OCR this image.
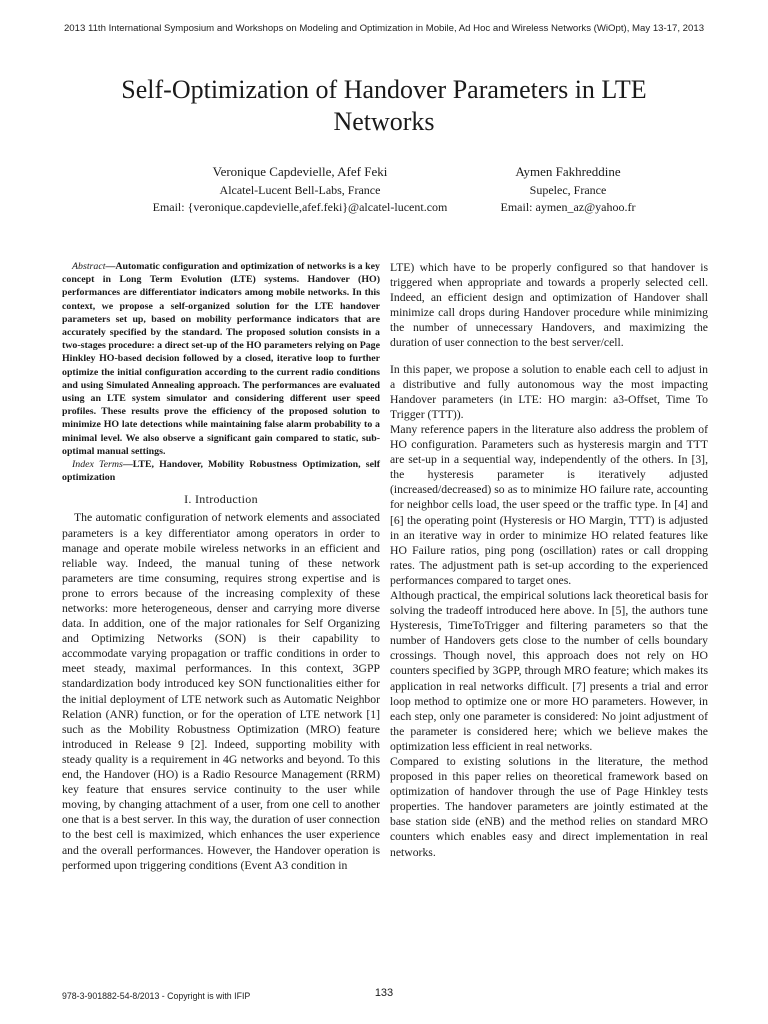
2013 11th International Symposium and Workshops on Modeling and Optimization in Mobile, Ad Hoc and Wireless Networks (WiOpt), May 13-17, 2013
Self-Optimization of Handover Parameters in LTE
Networks
Veronique Capdevielle, Afef Feki
Alcatel-Lucent Bell-Labs, France
Email: {veronique.capdevielle,afef.feki}@alcatel-lucent.com
Aymen Fakhreddine
Supelec, France
Email: aymen_az@yahoo.fr

Abstract—Automatic configuration and optimization of networks is a key concept in Long Term Evolution (LTE) systems. Handover (HO) performances are differentiator indicators among mobile networks. In this context, we propose a self-organized solution for the LTE handover parameters set up, based on mobility performance indicators that are accurately specified by the standard. The proposed solution consists in a two-stages procedure: a direct set-up of the HO parameters relying on Page Hinkley HO-based decision followed by a closed, iterative loop to further optimize the initial configuration according to the current radio conditions and using Simulated Annealing approach. The performances are evaluated using an LTE system simulator and considering different user speed profiles. These results prove the efficiency of the proposed solution to minimize HO late detections while maintaining false alarm probability to a minimal level. We also observe a significant gain compared to static, sub-optimal manual settings.

Index Terms—LTE, Handover, Mobility Robustness Optimization, self optimization

I. Introduction

The automatic configuration of network elements and associated parameters is a key differentiator among operators in order to manage and operate mobile wireless networks in an efficient and reliable way. Indeed, the manual tuning of these network parameters are time consuming, requires strong expertise and is prone to errors because of the increasing complexity of these networks: more heterogeneous, denser and carrying more diverse data. In addition, one of the major rationales for Self Organizing and Optimizing Networks (SON) is their capability to accommodate varying propagation or traffic conditions in order to meet steady, maximal performances. In this context, 3GPP standardization body introduced key SON functionalities either for the initial deployment of LTE network such as Automatic Neighbor Relation (ANR) function, or for the operation of LTE network [1] such as the Mobility Robustness Optimization (MRO) feature introduced in Release 9 [2]. Indeed, supporting mobility with steady quality is a requirement in 4G networks and beyond. To this end, the Handover (HO) is a Radio Resource Management (RRM) key feature that ensures service continuity to the user while moving, by changing attachment of a user, from one cell to another one that is a best server. In this way, the duration of user connection to the best cell is maximized, which enhances the user experience and the overall performances. However, the Handover operation is performed upon triggering conditions (Event A3 condition in

LTE) which have to be properly configured so that handover is triggered when appropriate and towards a properly selected cell. Indeed, an efficient design and optimization of Handover shall minimize call drops during Handover procedure while minimizing the number of unnecessary Handovers, and maximizing the duration of user connection to the best server/cell.

In this paper, we propose a solution to enable each cell to adjust in a distributive and fully autonomous way the most impacting Handover parameters (in LTE: HO margin: a3-Offset, Time To Trigger (TTT)).

Many reference papers in the literature also address the problem of HO configuration. Parameters such as hysteresis margin and TTT are set-up in a sequential way, independently of the others. In [3], the hysteresis parameter is iteratively adjusted (increased/decreased) so as to minimize HO failure rate, accounting for neighbor cells load, the user speed or the traffic type. In [4] and [6] the operating point (Hysteresis or HO Margin, TTT) is adjusted in an iterative way in order to minimize HO related features like HO Failure ratios, ping pong (oscillation) rates or call dropping rates. The adjustment path is set-up according to the experienced performances compared to target ones.

Although practical, the empirical solutions lack theoretical basis for solving the tradeoff introduced here above. In [5], the authors tune Hysteresis, TimeToTrigger and filtering parameters so that the number of Handovers gets close to the number of cells boundary crossings. Though novel, this approach does not rely on HO counters specified by 3GPP, through MRO feature; which makes its application in real networks difficult. [7] presents a trial and error loop method to optimize one or more HO parameters. However, in each step, only one parameter is considered: No joint adjustment of the parameter is considered here; which we believe makes the optimization less efficient in real networks.

Compared to existing solutions in the literature, the method proposed in this paper relies on theoretical framework based on optimization of handover through the use of Page Hinkley tests properties. The handover parameters are jointly estimated at the base station side (eNB) and the method relies on standard MRO counters which enables easy and direct implementation in real networks.

978-3-901882-54-8/2013 - Copyright is with IFIP	133
